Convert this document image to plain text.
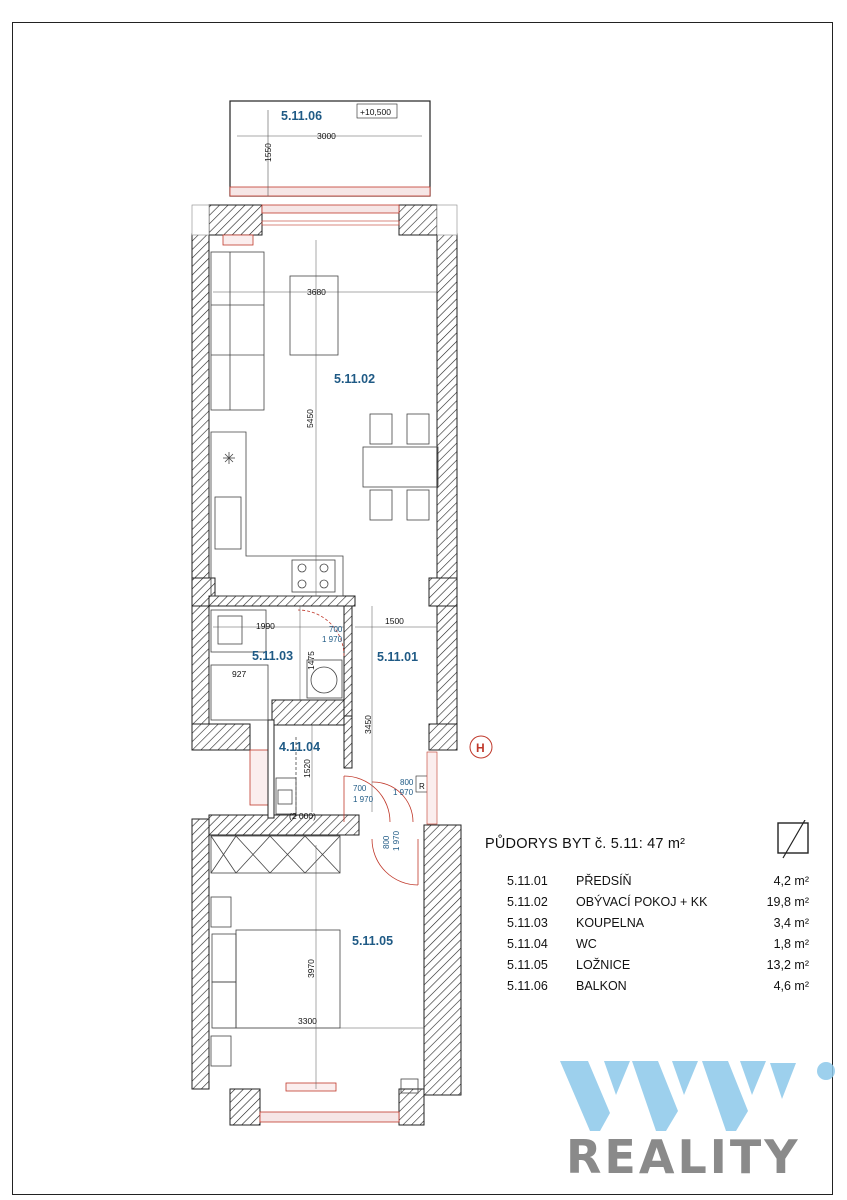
5.11.06
5.11.02
5.11.03	5.11.01
4.11.04
5.11.05
+10,500
3000
1550
3680
5450
1500
1990
1475
927
3450
1520
(2 000)
3970
3300
700
1 970
700
1 970
800
1 970
800 1 970
H
R
PŮDORYS BYT č. 5.11: 47 m²
5.11.01 PŘEDSÍŇ	4,2 m²
5.11.02 OBÝVACÍ POKOJ + KK	19,8 m²
5.11.03 KOUPELNA	3,4 m²
5.11.04 WC	1,8 m²
5.11.05 LOŽNICE	13,2 m²
5.11.06 BALKON	4,6 m²
REALITY
